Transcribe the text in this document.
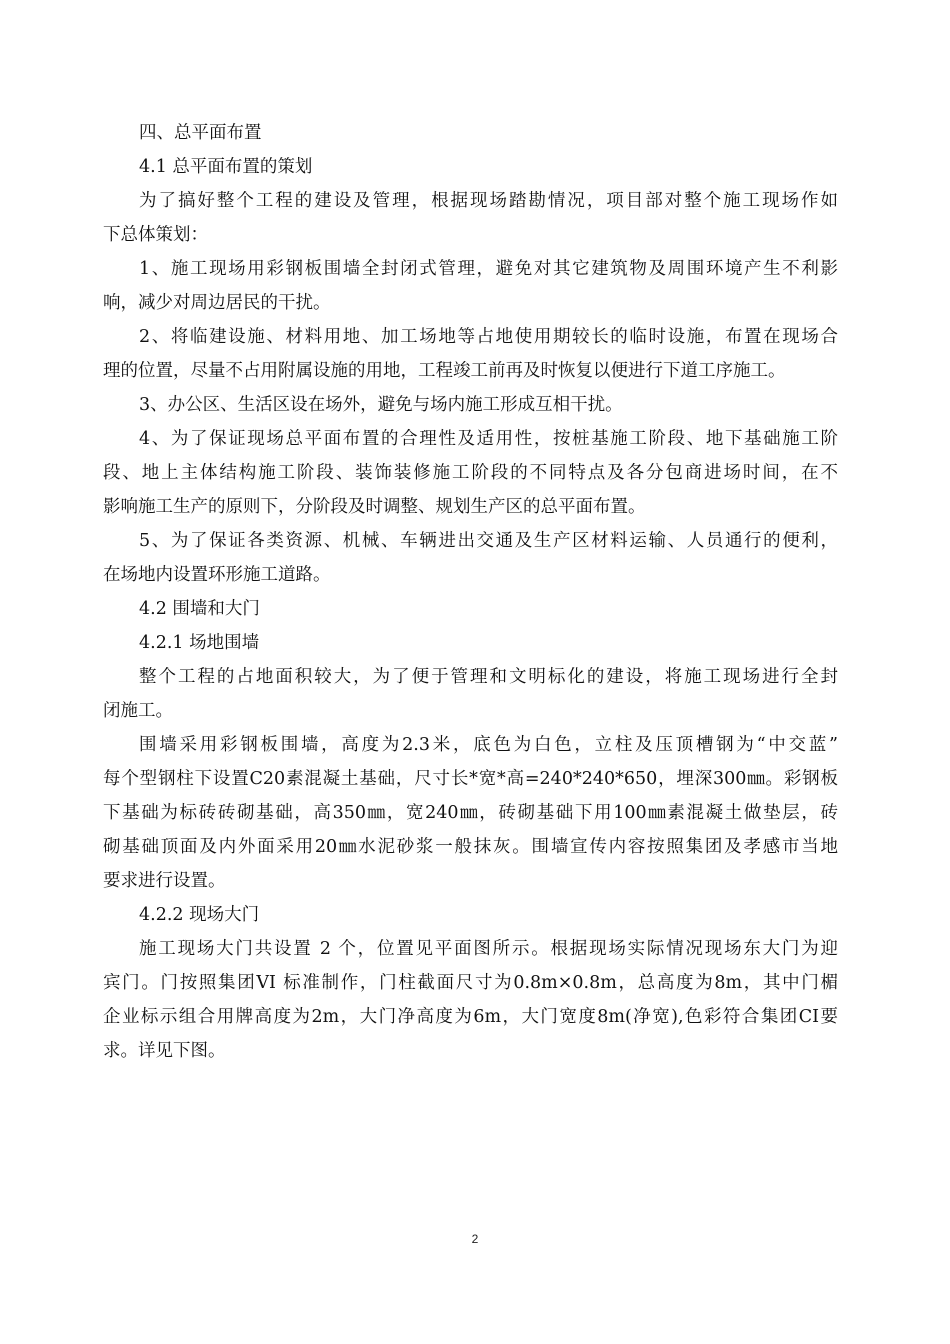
四、总平面布置
4.1 总平面布置的策划
为了搞好整个工程的建设及管理，根据现场踏勘情况，项目部对整个施工现场作如
下总体策划：
1、施工现场用彩钢板围墙全封闭式管理，避免对其它建筑物及周围环境产生不利影
响，减少对周边居民的干扰。
2、将临建设施、材料用地、加工场地等占地使用期较长的临时设施，布置在现场合
理的位置，尽量不占用附属设施的用地，工程竣工前再及时恢复以便进行下道工序施工。
3、办公区、生活区设在场外，避免与场内施工形成互相干扰。
4、为了保证现场总平面布置的合理性及适用性，按桩基施工阶段、地下基础施工阶
段、地上主体结构施工阶段、装饰装修施工阶段的不同特点及各分包商进场时间，在不
影响施工生产的原则下，分阶段及时调整、规划生产区的总平面布置。
5、为了保证各类资源、机械、车辆进出交通及生产区材料运输、人员通行的便利，
在场地内设置环形施工道路。
4.2 围墙和大门
4.2.1 场地围墙
整个工程的占地面积较大，为了便于管理和文明标化的建设，将施工现场进行全封
闭施工。
围墙采用彩钢板围墙，高度为2.3米，底色为白色，立柱及压顶槽钢为“中交蓝”
每个型钢柱下设置C20素混凝土基础，尺寸长*宽*高=240*240*650，埋深300㎜。彩钢板
下基础为标砖砖砌基础，高350㎜，宽240㎜，砖砌基础下用100㎜素混凝土做垫层，砖
砌基础顶面及内外面采用20㎜水泥砂浆一般抹灰。围墙宣传内容按照集团及孝感市当地
要求进行设置。
4.2.2 现场大门
施工现场大门共设置 2 个，位置见平面图所示。根据现场实际情况现场东大门为迎
宾门。门按照集团VI 标准制作，门柱截面尺寸为0.8m×0.8m，总高度为8m，其中门楣
企业标示组合用牌高度为2m，大门净高度为6m，大门宽度8m(净宽),色彩符合集团CI要
求。详见下图。
2
